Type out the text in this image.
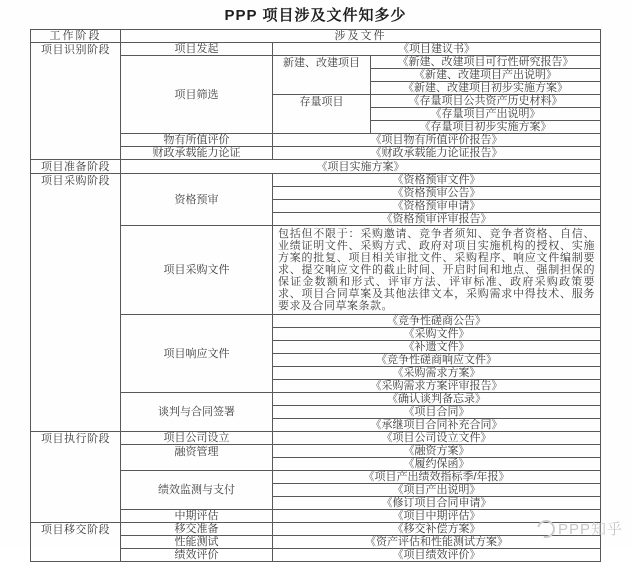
PPP 项目涉及文件知多少
工作阶段	涉及文件		
项目识别阶段	项目发起	《项目建议书》	
	项目筛选	新建、改建项目	《新建、改建项目可行性研究报告》
			《新建、改建项目产出说明》
			《新建、改建项目初步实施方案》
		存量项目	《存量项目公共资产历史材料》
			《存量项目产出说明》
			《存量项目初步实施方案》
	物有所值评价	《项目物有所值评价报告》	
	财政承载能力论证	《财政承载能力论证报告》	
项目准备阶段	《项目实施方案》		
项目采购阶段	资格预审	《资格预审文件》	
		《资格预审公告》	
		《资格预审申请》	
		《资格预审评审报告》	
	项目采购文件	包括但不限于：采购邀请、竞争者须知、竞争者资格、自信、业绩证明文件、采购方式、政府对项目实施机构的授权、实施方案的批复、项目相关审批文件、采购程序、响应文件编制要求、提交响应文件的截止时间、开启时间和地点、强制担保的保证金数额和形式、评审方法、评审标准、政府采购政策要求、项目合同草案及其他法律文本，采购需求中得技术、服务要求及合同草案条款。	
	项目响应文件	《竞争性磋商公告》	
		《采购文件》	
		《补遗文件》	
		《竞争性磋商响应文件》	
		《采购需求方案》	
		《采购需求方案评审报告》	
	谈判与合同签署	《确认谈判备忘录》	
		《项目合同》	
		《承继项目合同补充合同》	
项目执行阶段	项目公司设立	《项目公司设立文件》	
	融资管理	《融资方案》	
		《履约保函》	
	绩效监测与支付	《项目产出绩效指标季/年报》	
		《项目产出说明》	
		《修订项目合同申请》	
	中期评估	《项目中期评估》	
项目移交阶段	移交准备	《移交补偿方案》	
	性能测试	《资产评估和性能测试方案》	
	绩效评价	《项目绩效评价》	
PPP知乎
